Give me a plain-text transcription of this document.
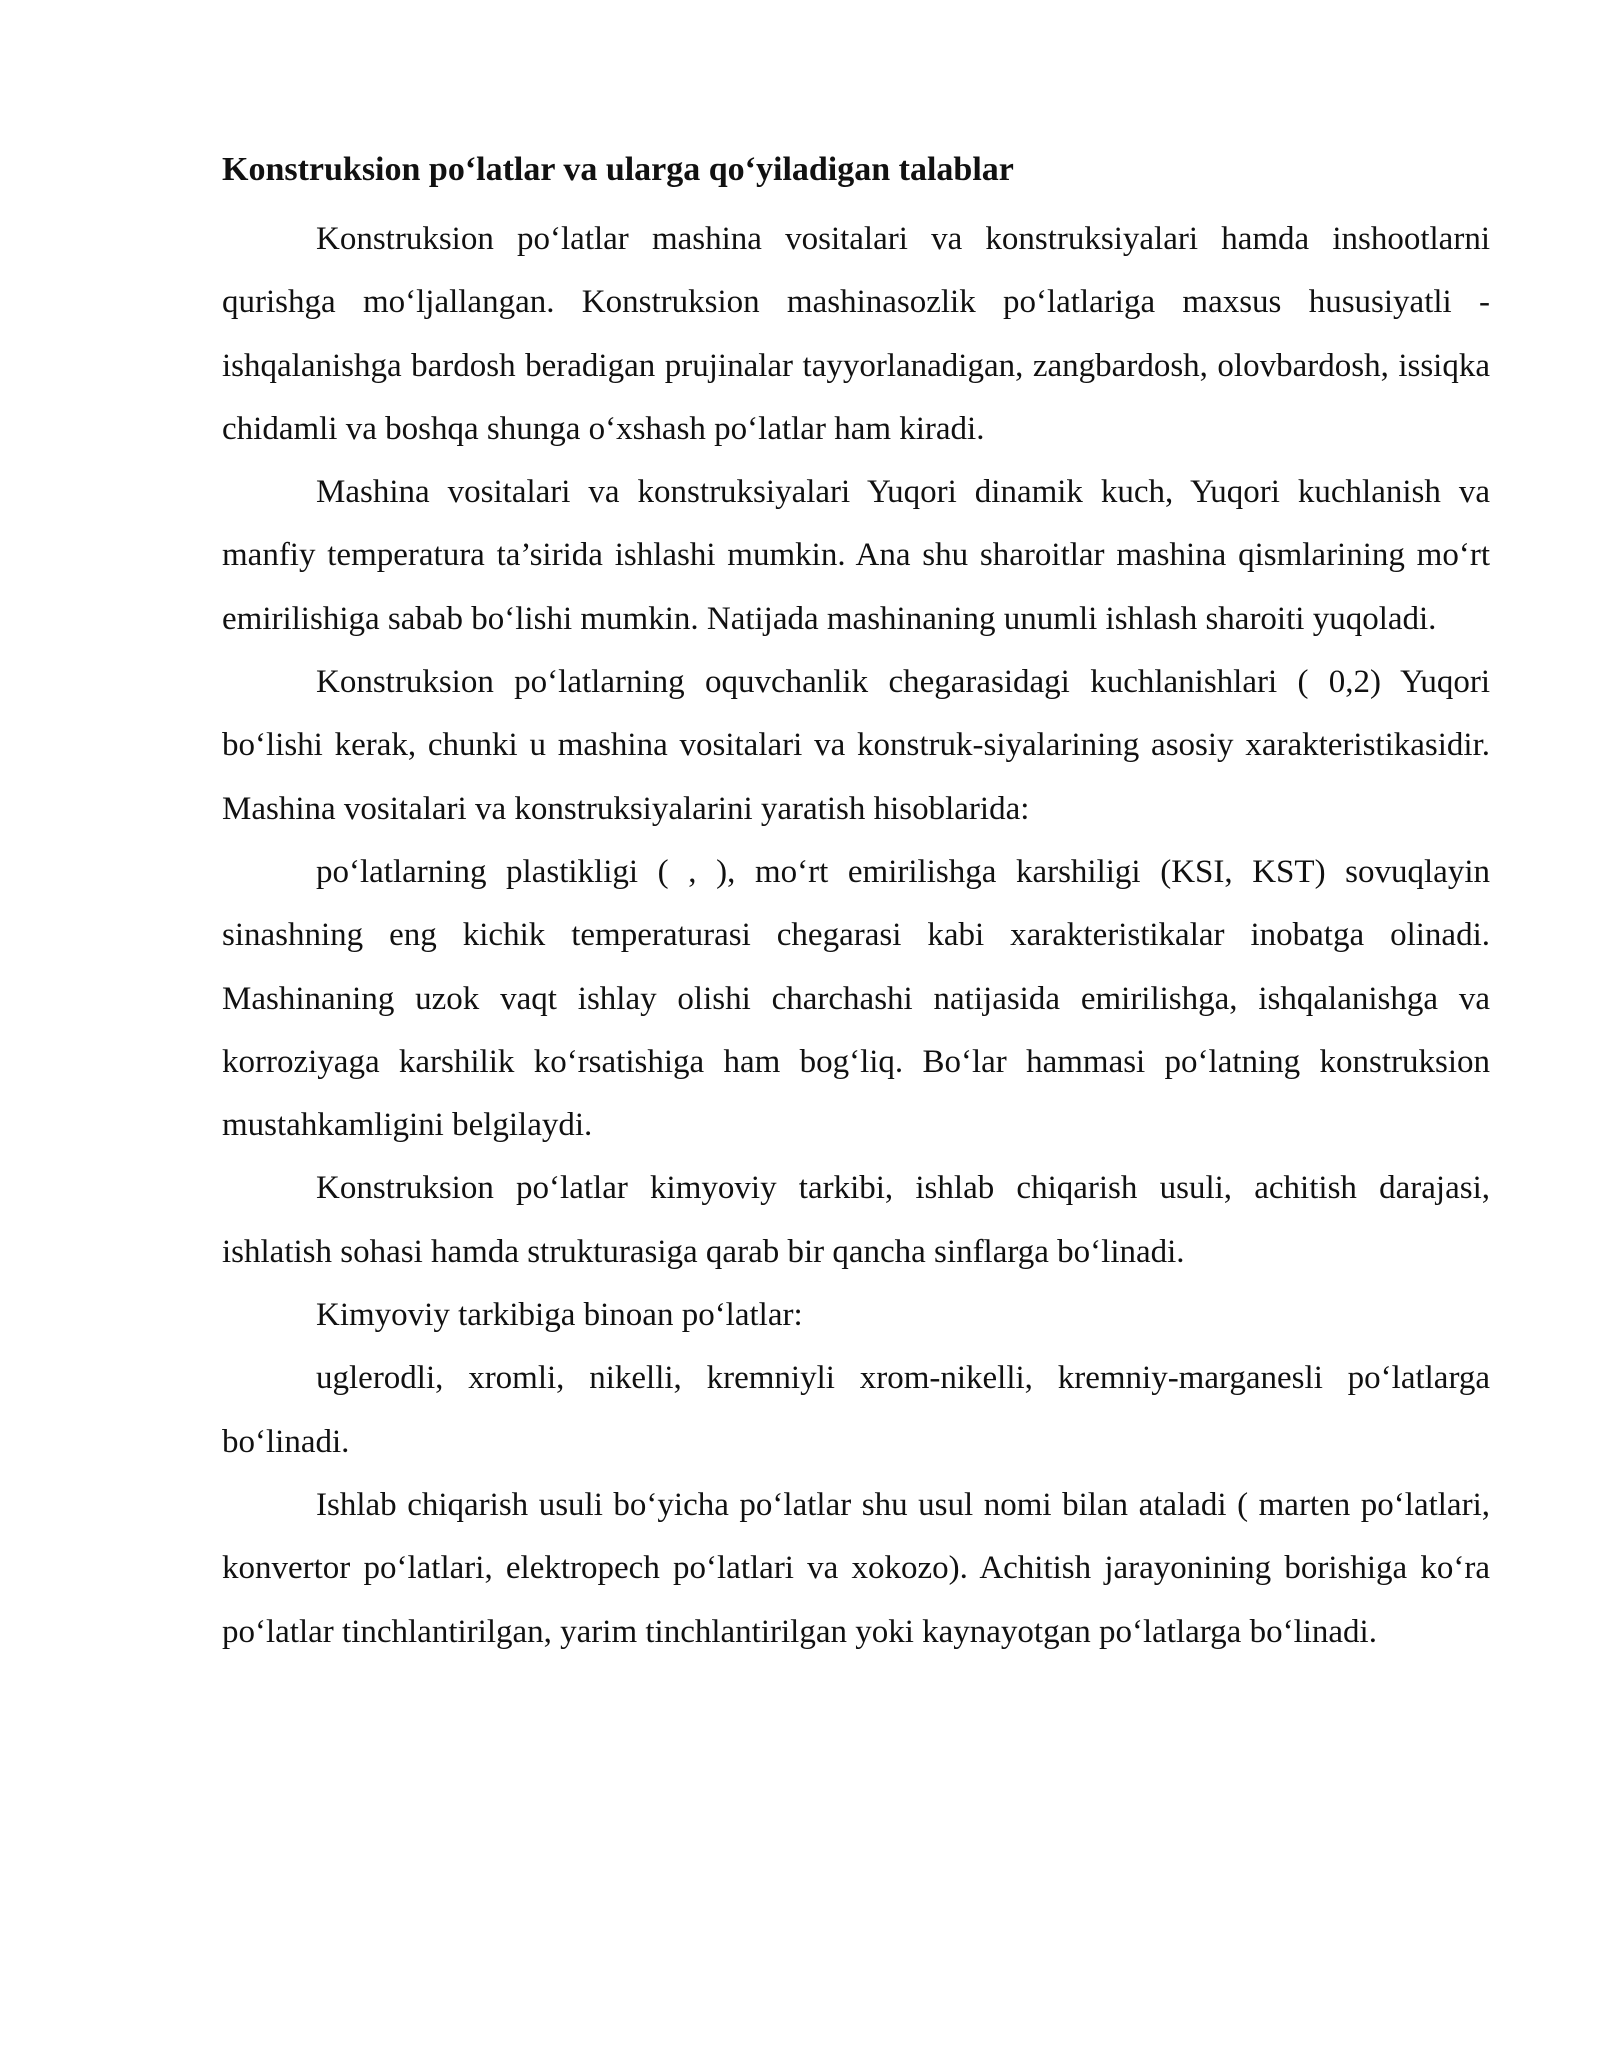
Konstruksion po‘latlar va ularga qo‘yiladigan talablar

Konstruksion po‘latlar mashina vositalari va konstruksiyalari hamda inshootlarni qurishga mo‘ljallangan. Konstruksion mashinasozlik po‘latlariga maxsus hususiyatli - ishqalanishga bardosh beradigan prujinalar tayyorlanadigan, zangbardosh, olovbardosh, issiqka chidamli va boshqa shunga o‘xshash po‘latlar ham kiradi.

Mashina vositalari va konstruksiyalari Yuqori dinamik kuch, Yuqori kuchlanish va manfiy temperatura ta’sirida ishlashi mumkin. Ana shu sharoitlar mashina qismlarining mo‘rt emirilishiga sabab bo‘lishi mumkin. Natijada mashinaning unumli ishlash sharoiti yuqoladi.

Konstruksion po‘latlarning oquvchanlik chegarasidagi kuchlanishlari ( 0,2) Yuqori bo‘lishi kerak, chunki u mashina vositalari va konstruk-siyalarining asosiy xarakteristikasidir. Mashina vositalari va konstruksiyalarini yaratish hisoblarida:

po‘latlarning plastikligi ( , ), mo‘rt emirilishga karshiligi (KSI, KST) sovuqlayin sinashning eng kichik temperaturasi chegarasi kabi xarakteristikalar inobatga olinadi. Mashinaning uzok vaqt ishlay olishi charchashi natijasida emirilishga, ishqalanishga va korroziyaga karshilik ko‘rsatishiga ham bog‘liq. Bo‘lar hammasi po‘latning konstruksion mustahkamligini belgilaydi.

Konstruksion po‘latlar kimyoviy tarkibi, ishlab chiqarish usuli, achitish darajasi, ishlatish sohasi hamda strukturasiga qarab bir qancha sinflarga bo‘linadi.

Kimyoviy tarkibiga binoan po‘latlar:

uglerodli, xromli, nikelli, kremniyli xrom-nikelli, kremniy-marganesli po‘latlarga bo‘linadi.

Ishlab chiqarish usuli bo‘yicha po‘latlar shu usul nomi bilan ataladi ( marten po‘latlari, konvertor po‘latlari, elektropech po‘latlari va xokozo). Achitish jarayonining borishiga ko‘ra po‘latlar tinchlantirilgan, yarim tinchlantirilgan yoki kaynayotgan po‘latlarga bo‘linadi.
